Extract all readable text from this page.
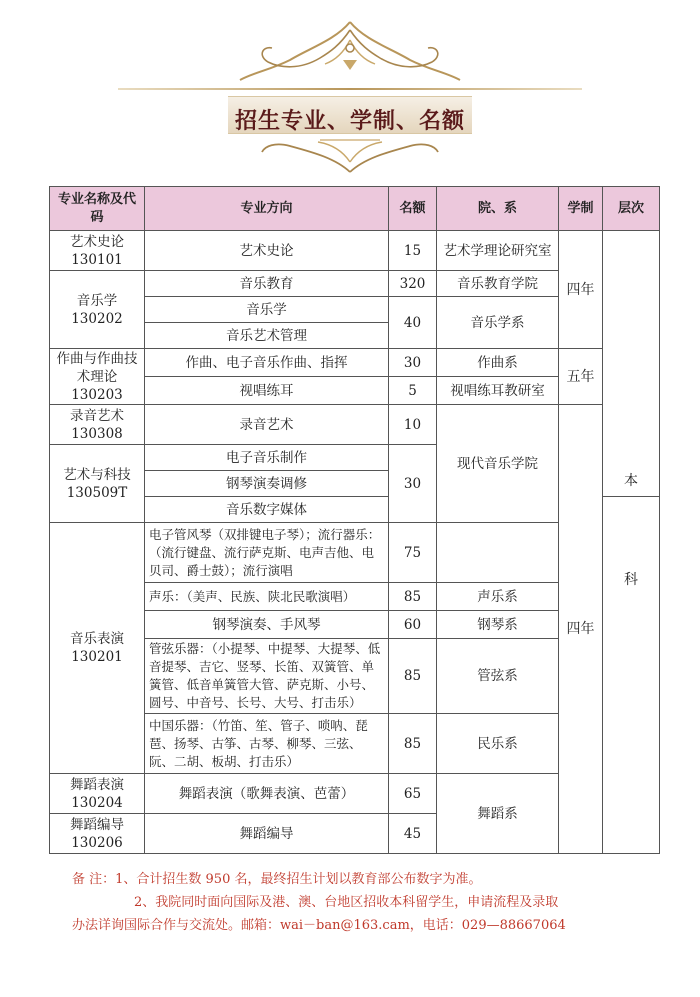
招生专业、学制、名额
专业名称及代码	专业方向	名额	院、系	学制	层次
艺术史论 130101	艺术史论	15	艺术学理论研究室	四年	本
音乐学 130202	音乐教育	320	音乐教育学院		
	音乐学	40	音乐学系		
	音乐艺术管理				
作曲与作曲技术理论 130203	作曲、电子音乐作曲、指挥	30	作曲系	五年	
	视唱练耳	5	视唱练耳教研室		
录音艺术 130308	录音艺术	10	现代音乐学院	四年	
艺术与科技 130509T	电子音乐制作	30			
	钢琴演奏调修				
	音乐数字媒体				科
音乐表演 130201	电子管风琴（双排键电子琴）；流行器乐：（流行键盘、流行萨克斯、电声吉他、电贝司、爵士鼓）；流行演唱	75			
	声乐：（美声、民族、陕北民歌演唱）	85	声乐系		
	钢琴演奏、手风琴	60	钢琴系		
	管弦乐器：（小提琴、中提琴、大提琴、低音提琴、吉它、竖琴、长笛、双簧管、单簧管、低音单簧管大管、萨克斯、小号、圆号、中音号、长号、大号、打击乐）	85	管弦系		
	中国乐器：（竹笛、笙、管子、唢呐、琵琶、扬琴、古筝、古琴、柳琴、三弦、阮、二胡、板胡、打击乐）	85	民乐系		
舞蹈表演 130204	舞蹈表演（歌舞表演、芭蕾）	65	舞蹈系		
舞蹈编导 130206	舞蹈编导	45			
备 注：1、合计招生数 950 名，最终招生计划以教育部公布数字为准。
2、我院同时面向国际及港、澳、台地区招收本科留学生，申请流程及录取
办法详询国际合作与交流处。邮箱：wai－ban@163.cam，电话：029—88667064
